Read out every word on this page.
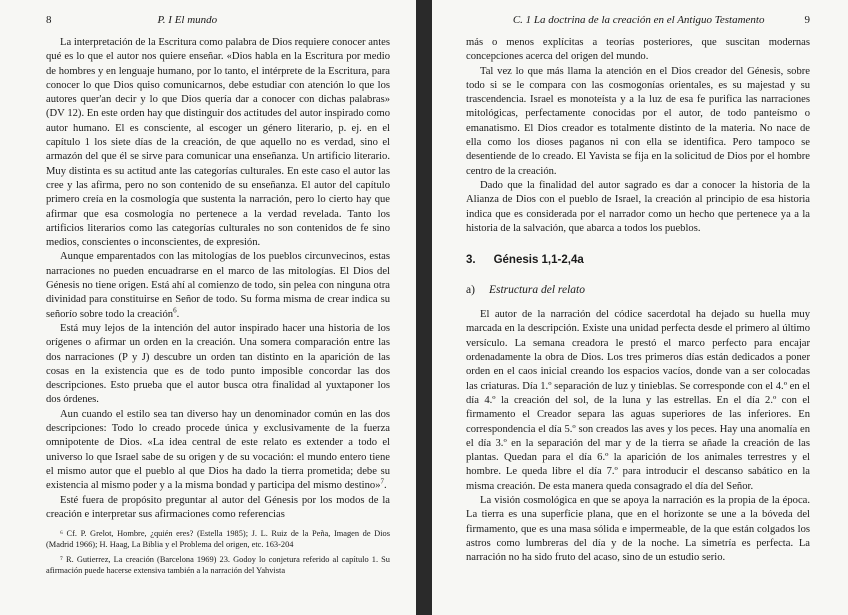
8	P. I El mundo

La interpretación de la Escritura como palabra de Dios requiere conocer antes qué es lo que el autor nos quiere enseñar. «Dios habla en la Escritura por medio de hombres y en lenguaje humano, por lo tanto, el intérprete de la Escritura, para conocer lo que Dios quiso comunicarnos, debe estudiar con atención lo que los autores quer'an decir y lo que Dios quería dar a conocer con dichas palabras» (DV 12). En este orden hay que distinguir dos actitudes del autor inspirado como autor humano. El es consciente, al escoger un género literario, p. ej. en el capítulo 1 los siete días de la creación, de que aquello no es verdad, sino el armazón del que él se sirve para comunicar una enseñanza. Un artificio literario. Muy distinta es su actitud ante las categorías culturales. En este caso el autor las cree y las afirma, pero no son contenido de su enseñanza. El autor del capítulo primero creía en la cosmología que sustenta la narración, pero lo cierto hay que afirmar que esa cosmología no pertenece a la verdad revelada. Tanto los artificios literarios como las categorías culturales no son contenidos de fe sino medios, conscientes o inconscientes, de expresión.

Aunque emparentados con las mitologías de los pueblos circunvecinos, estas narraciones no pueden encuadrarse en el marco de las mitologías. El Dios del Génesis no tiene origen. Está ahí al comienzo de todo, sin pelea con ninguna otra divinidad para constituirse en Señor de todo. Su forma misma de crear indica su señorío sobre todo la creación$^6$.

Está muy lejos de la intención del autor inspirado hacer una historia de los orígenes o afirmar un orden en la creación. Una somera comparación entre las dos narraciones (P y J) descubre un orden tan distinto en la aparición de las cosas en la existencia que es de todo punto imposible concordar las dos descripciones. Esto prueba que el autor busca otra finalidad al yuxtaponer los dos órdenes.

Aun cuando el estilo sea tan diverso hay un denominador común en las dos descripciones: Todo lo creado procede única y exclusivamente de la fuerza omnipotente de Dios. «La idea central de este relato es extender a todo el universo lo que Israel sabe de su origen y de su vocación: el mundo entero tiene el mismo autor que el pueblo al que Dios ha dado la tierra prometida; debe su existencia al mismo poder y a la misma bondad y participa del mismo destino»$^7$.

Esté fuera de propósito preguntar al autor del Génesis por los modos de la creación e interpretar sus afirmaciones como referencias

⁶ Cf. P. Grelot, Hombre, ¿quién eres? (Estella 1985); J. L. Ruiz de la Peña, Imagen de Dios (Madrid 1966); H. Haag, La Biblia y el Problema del origen, etc. 163-204

⁷ R. Gutierrez, La creación (Barcelona 1969) 23. Godoy lo conjetura referido al capítulo 1. Su afirmación puede hacerse extensiva también a la narración del Yahvista

C. 1 La doctrina de la creación en el Antiguo Testamento	9

más o menos explícitas a teorías posteriores, que suscitan modernas concepciones acerca del origen del mundo.

Tal vez lo que más llama la atención en el Dios creador del Génesis, sobre todo si se le compara con las cosmogonías orientales, es su majestad y su trascendencia. Israel es monoteísta y a la luz de esa fe purifica las narraciones mitológicas, perfectamente conocidas por el autor, de todo panteísmo o emanatismo. El Dios creador es totalmente distinto de la materia. No nace de ella como los dioses paganos ni con ella se identifica. Pero tampoco se desentiende de lo creado. El Yavista se fija en la solicitud de Dios por el hombre centro de la creación.

Dado que la finalidad del autor sagrado es dar a conocer la historia de la Alianza de Dios con el pueblo de Israel, la creación al principio de esa historia indica que es considerada por el narrador como un hecho que pertenece ya a la historia de la salvación, que abarca a todos los pueblos.

3. Génesis 1,1-2,4a
a) Estructura del relato

El autor de la narración del códice sacerdotal ha dejado su huella muy marcada en la descripción. Existe una unidad perfecta desde el primero al último versículo. La semana creadora le prestó el marco perfecto para encajar ordenadamente la obra de Dios. Los tres primeros días están dedicados a poner orden en el caos inicial creando los espacios vacíos, donde van a ser colocadas las criaturas. Día 1.º separación de luz y tinieblas. Se corresponde con el 4.º en el día 4.º la creación del sol, de la luna y las estrellas. En el día 2.º con el firmamento el Creador separa las aguas superiores de las inferiores. En correspondencia el día 5.º son creados las aves y los peces. Hay una anomalía en el día 3.º en la separación del mar y de la tierra se añade la creación de las plantas. Quedan para el día 6.º la aparición de los animales terrestres y el hombre. Le queda libre el día 7.º para introducir el descanso sabático en la misma creación. De esta manera queda consagrado el día del Señor.

La visión cosmológica en que se apoya la narración es la propia de la época. La tierra es una superficie plana, que en el horizonte se une a la bóveda del firmamento, que es una masa sólida e impermeable, de la que están colgados los astros como lumbreras del día y de la noche. La simetría es perfecta. La narración no ha sido fruto del acaso, sino de un estudio serio.
